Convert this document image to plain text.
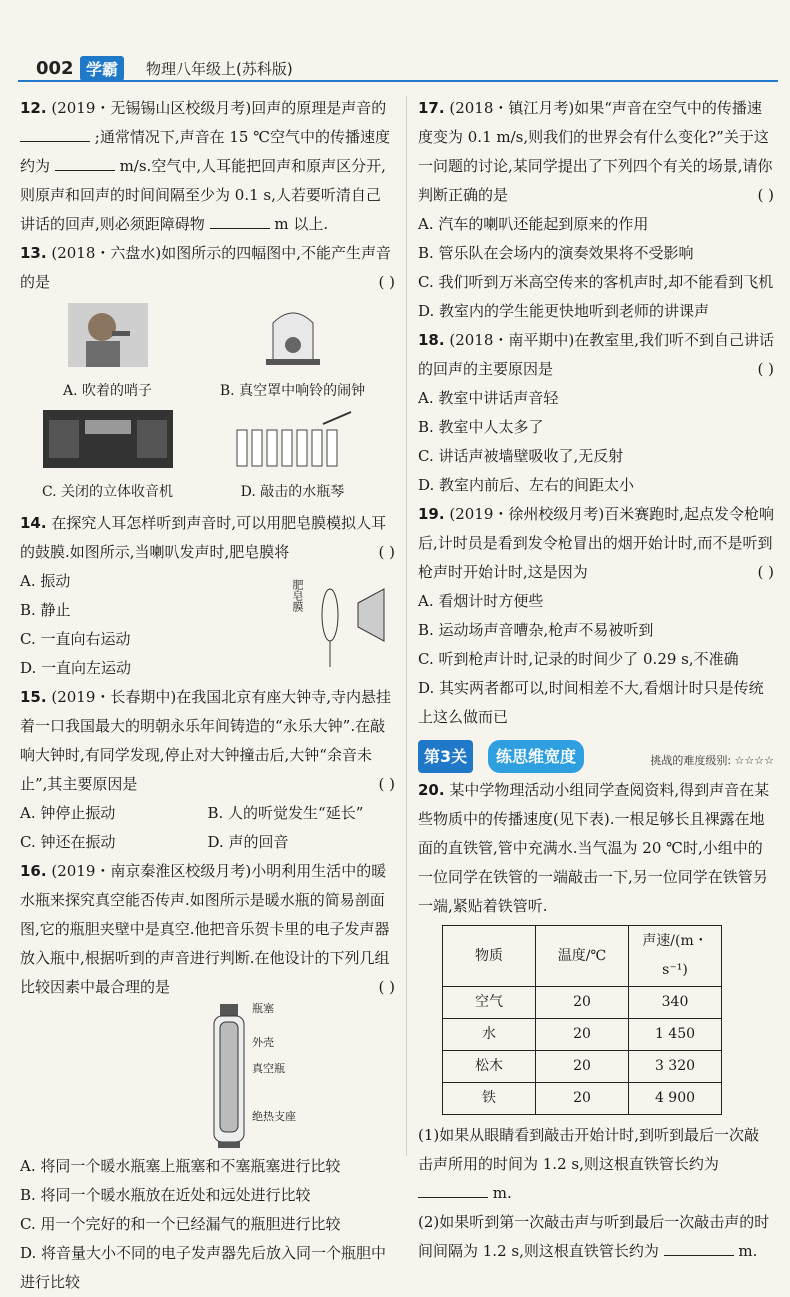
002 学霸	物理八年级上(苏科版)

12. (2019・无锡锡山区校级月考)回声的原理是声音的  ;通常情况下,声音在 15 ℃空气中的传播速度约为	m/s.空气中,人耳能把回声和原声区分开,则原声和回声的时间间隔至少为 0.1 s,人若要听清自己讲话的回声,则必须距障碍物	m 以上.

13. (2018・六盘水)如图所示的四幅图中,不能产生声音的是	( )

A. 吹着的哨子	B. 真空罩中响铃的闹钟
C. 关闭的立体收音机	D. 敲击的水瓶琴

14. 在探究人耳怎样听到声音时,可以用肥皂膜模拟人耳的鼓膜.如图所示,当喇叭发声时,肥皂膜将	( )

A. 振动

B. 静止

C. 一直向右运动

D. 一直向左运动

肥皂膜

15. (2019・长春期中)在我国北京有座大钟寺,寺内悬挂着一口我国最大的明朝永乐年间铸造的“永乐大钟”.在敲响大钟时,有同学发现,停止对大钟撞击后,大钟“余音未止”,其主要原因是	( )

A. 钟停止振动	B. 人的听觉发生“延长”
C. 钟还在振动	D. 声的回音

16. (2019・南京秦淮区校级月考)小明利用生活中的暖水瓶来探究真空能否传声.如图所示是暖水瓶的简易剖面图,它的瓶胆夹壁中是真空.他把音乐贺卡里的电子发声器放入瓶中,根据听到的声音进行判断.在他设计的下列几组比较因素中最合理的是	( )

瓶塞
外壳
真空瓶
绝热支座

A. 将同一个暖水瓶塞上瓶塞和不塞瓶塞进行比较

B. 将同一个暖水瓶放在近处和远处进行比较

C. 用一个完好的和一个已经漏气的瓶胆进行比较

D. 将音量大小不同的电子发声器先后放入同一个瓶胆中进行比较

17. (2018・镇江月考)如果“声音在空气中的传播速度变为 0.1 m/s,则我们的世界会有什么变化?”关于这一问题的讨论,某同学提出了下列四个有关的场景,请你判断正确的是	( )

A. 汽车的喇叭还能起到原来的作用

B. 管乐队在会场内的演奏效果将不受影响

C. 我们听到万米高空传来的客机声时,却不能看到飞机

D. 教室内的学生能更快地听到老师的讲课声

18. (2018・南平期中)在教室里,我们听不到自己讲话的回声的主要原因是	( )

A. 教室中讲话声音轻

B. 教室中人太多了

C. 讲话声被墙壁吸收了,无反射

D. 教室内前后、左右的间距太小

19. (2019・徐州校级月考)百米赛跑时,起点发令枪响后,计时员是看到发令枪冒出的烟开始计时,而不是听到枪声时开始计时,这是因为	( )

A. 看烟计时方便些

B. 运动场声音嘈杂,枪声不易被听到

C. 听到枪声计时,记录的时间少了 0.29 s,不准确

D. 其实两者都可以,时间相差不大,看烟计时只是传统上这么做而已

第3关	练思维宽度	挑战的难度级别: ☆☆☆☆

20. 某中学物理活动小组同学查阅资料,得到声音在某些物质中的传播速度(见下表).一根足够长且裸露在地面的直铁管,管中充满水.当气温为 20 ℃时,小组中的一位同学在铁管的一端敲击一下,另一位同学在铁管另一端,紧贴着铁管听.

物质	温度/℃	声速/(m・s⁻¹)
空气	20	340
水	20	1 450
松木	20	3 320
铁	20	4 900

(1)如果从眼睛看到敲击开始计时,到听到最后一次敲击声所用的时间为 1.2 s,则这根直铁管长约为  m.

(2)如果听到第一次敲击声与听到最后一次敲击声的时间间隔为 1.2 s,则这根直铁管长约为	m.
